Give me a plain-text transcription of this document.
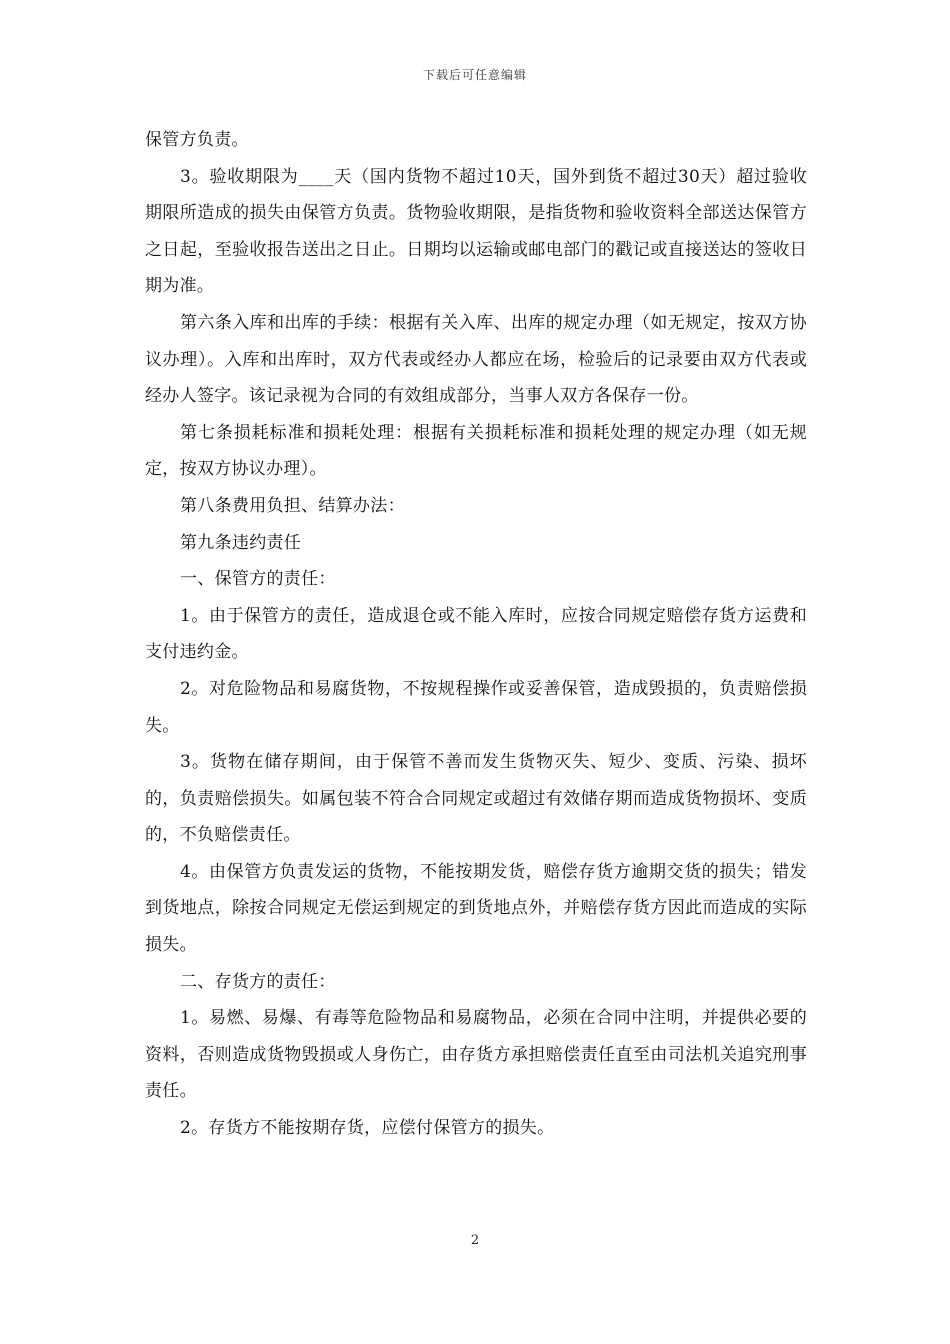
下载后可任意编辑

保管方负责。

3。验收期限为____天（国内货物不超过10天，国外到货不超过30天）超过验收期限所造成的损失由保管方负责。货物验收期限，是指货物和验收资料全部送达保管方之日起，至验收报告送出之日止。日期均以运输或邮电部门的戳记或直接送达的签收日期为准。

第六条入库和出库的手续：根据有关入库、出库的规定办理（如无规定，按双方协议办理）。入库和出库时，双方代表或经办人都应在场，检验后的记录要由双方代表或经办人签字。该记录视为合同的有效组成部分，当事人双方各保存一份。

第七条损耗标准和损耗处理：根据有关损耗标准和损耗处理的规定办理（如无规定，按双方协议办理）。

第八条费用负担、结算办法：

第九条违约责任

一、保管方的责任：

1。由于保管方的责任，造成退仓或不能入库时，应按合同规定赔偿存货方运费和支付违约金。

2。对危险物品和易腐货物，不按规程操作或妥善保管，造成毁损的，负责赔偿损失。

3。货物在储存期间，由于保管不善而发生货物灭失、短少、变质、污染、损坏的，负责赔偿损失。如属包装不符合合同规定或超过有效储存期而造成货物损坏、变质的，不负赔偿责任。

4。由保管方负责发运的货物，不能按期发货，赔偿存货方逾期交货的损失；错发到货地点，除按合同规定无偿运到规定的到货地点外，并赔偿存货方因此而造成的实际损失。

二、存货方的责任：

1。易燃、易爆、有毒等危险物品和易腐物品，必须在合同中注明，并提供必要的资料，否则造成货物毁损或人身伤亡，由存货方承担赔偿责任直至由司法机关追究刑事责任。

2。存货方不能按期存货，应偿付保管方的损失。

2
